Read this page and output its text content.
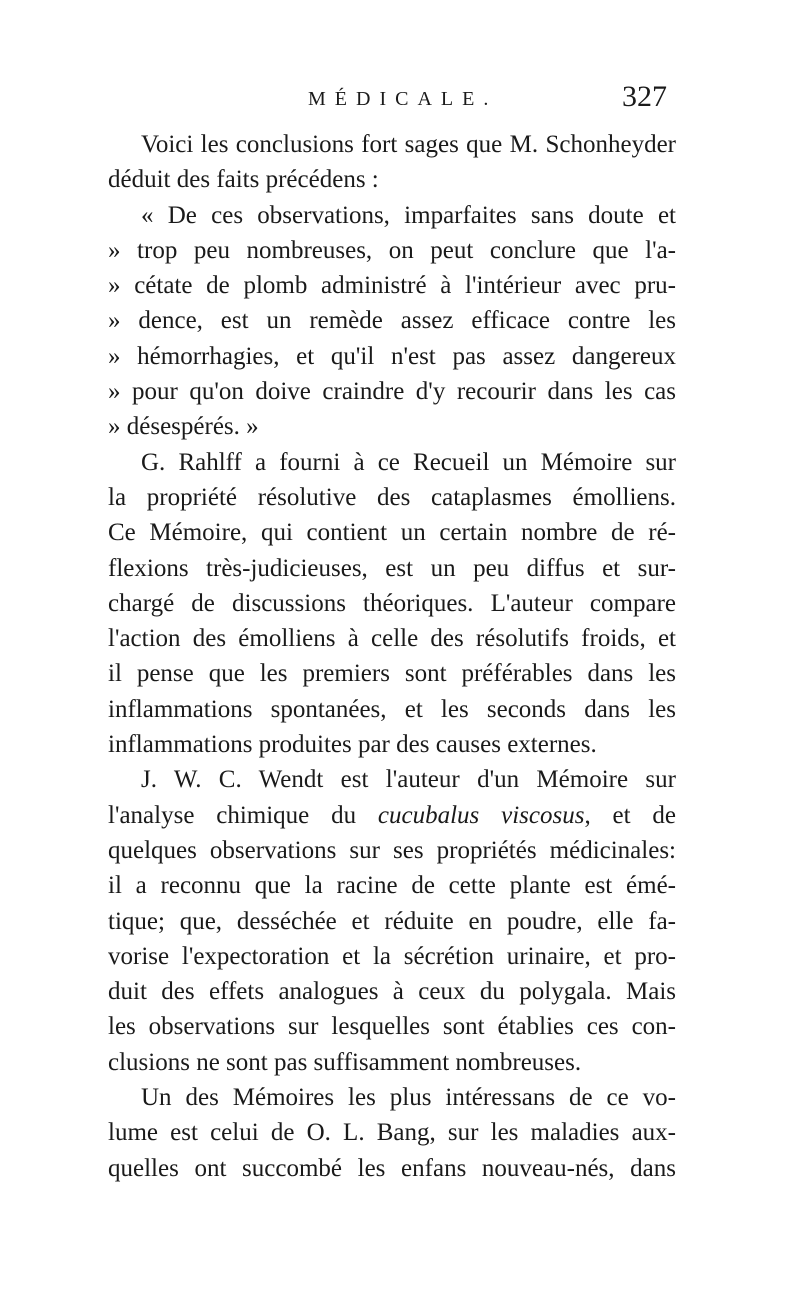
MÉDICALE.	327
Voici les conclusions fort sages que M. Schonheyder
déduit des faits précédens :
« De ces observations, imparfaites sans doute et
» trop peu nombreuses, on peut conclure que l'a-
» cétate de plomb administré à l'intérieur avec pru-
» dence, est un remède assez efficace contre les
» hémorrhagies, et qu'il n'est pas assez dangereux
» pour qu'on doive craindre d'y recourir dans les cas
» désespérés. »
G. Rahlff a fourni à ce Recueil un Mémoire sur
la propriété résolutive des cataplasmes émolliens.
Ce Mémoire, qui contient un certain nombre de ré-
flexions très-judicieuses, est un peu diffus et sur-
chargé de discussions théoriques. L'auteur compare
l'action des émolliens à celle des résolutifs froids, et
il pense que les premiers sont préférables dans les
inflammations spontanées, et les seconds dans les
inflammations produites par des causes externes.
J. W. C. Wendt est l'auteur d'un Mémoire sur
l'analyse chimique du cucubalus viscosus, et de
quelques observations sur ses propriétés médicinales:
il a reconnu que la racine de cette plante est émé-
tique; que, desséchée et réduite en poudre, elle fa-
vorise l'expectoration et la sécrétion urinaire, et pro-
duit des effets analogues à ceux du polygala. Mais
les observations sur lesquelles sont établies ces con-
clusions ne sont pas suffisamment nombreuses.
Un des Mémoires les plus intéressans de ce vo-
lume est celui de O. L. Bang, sur les maladies aux-
quelles ont succombé les enfans nouveau-nés, dans
